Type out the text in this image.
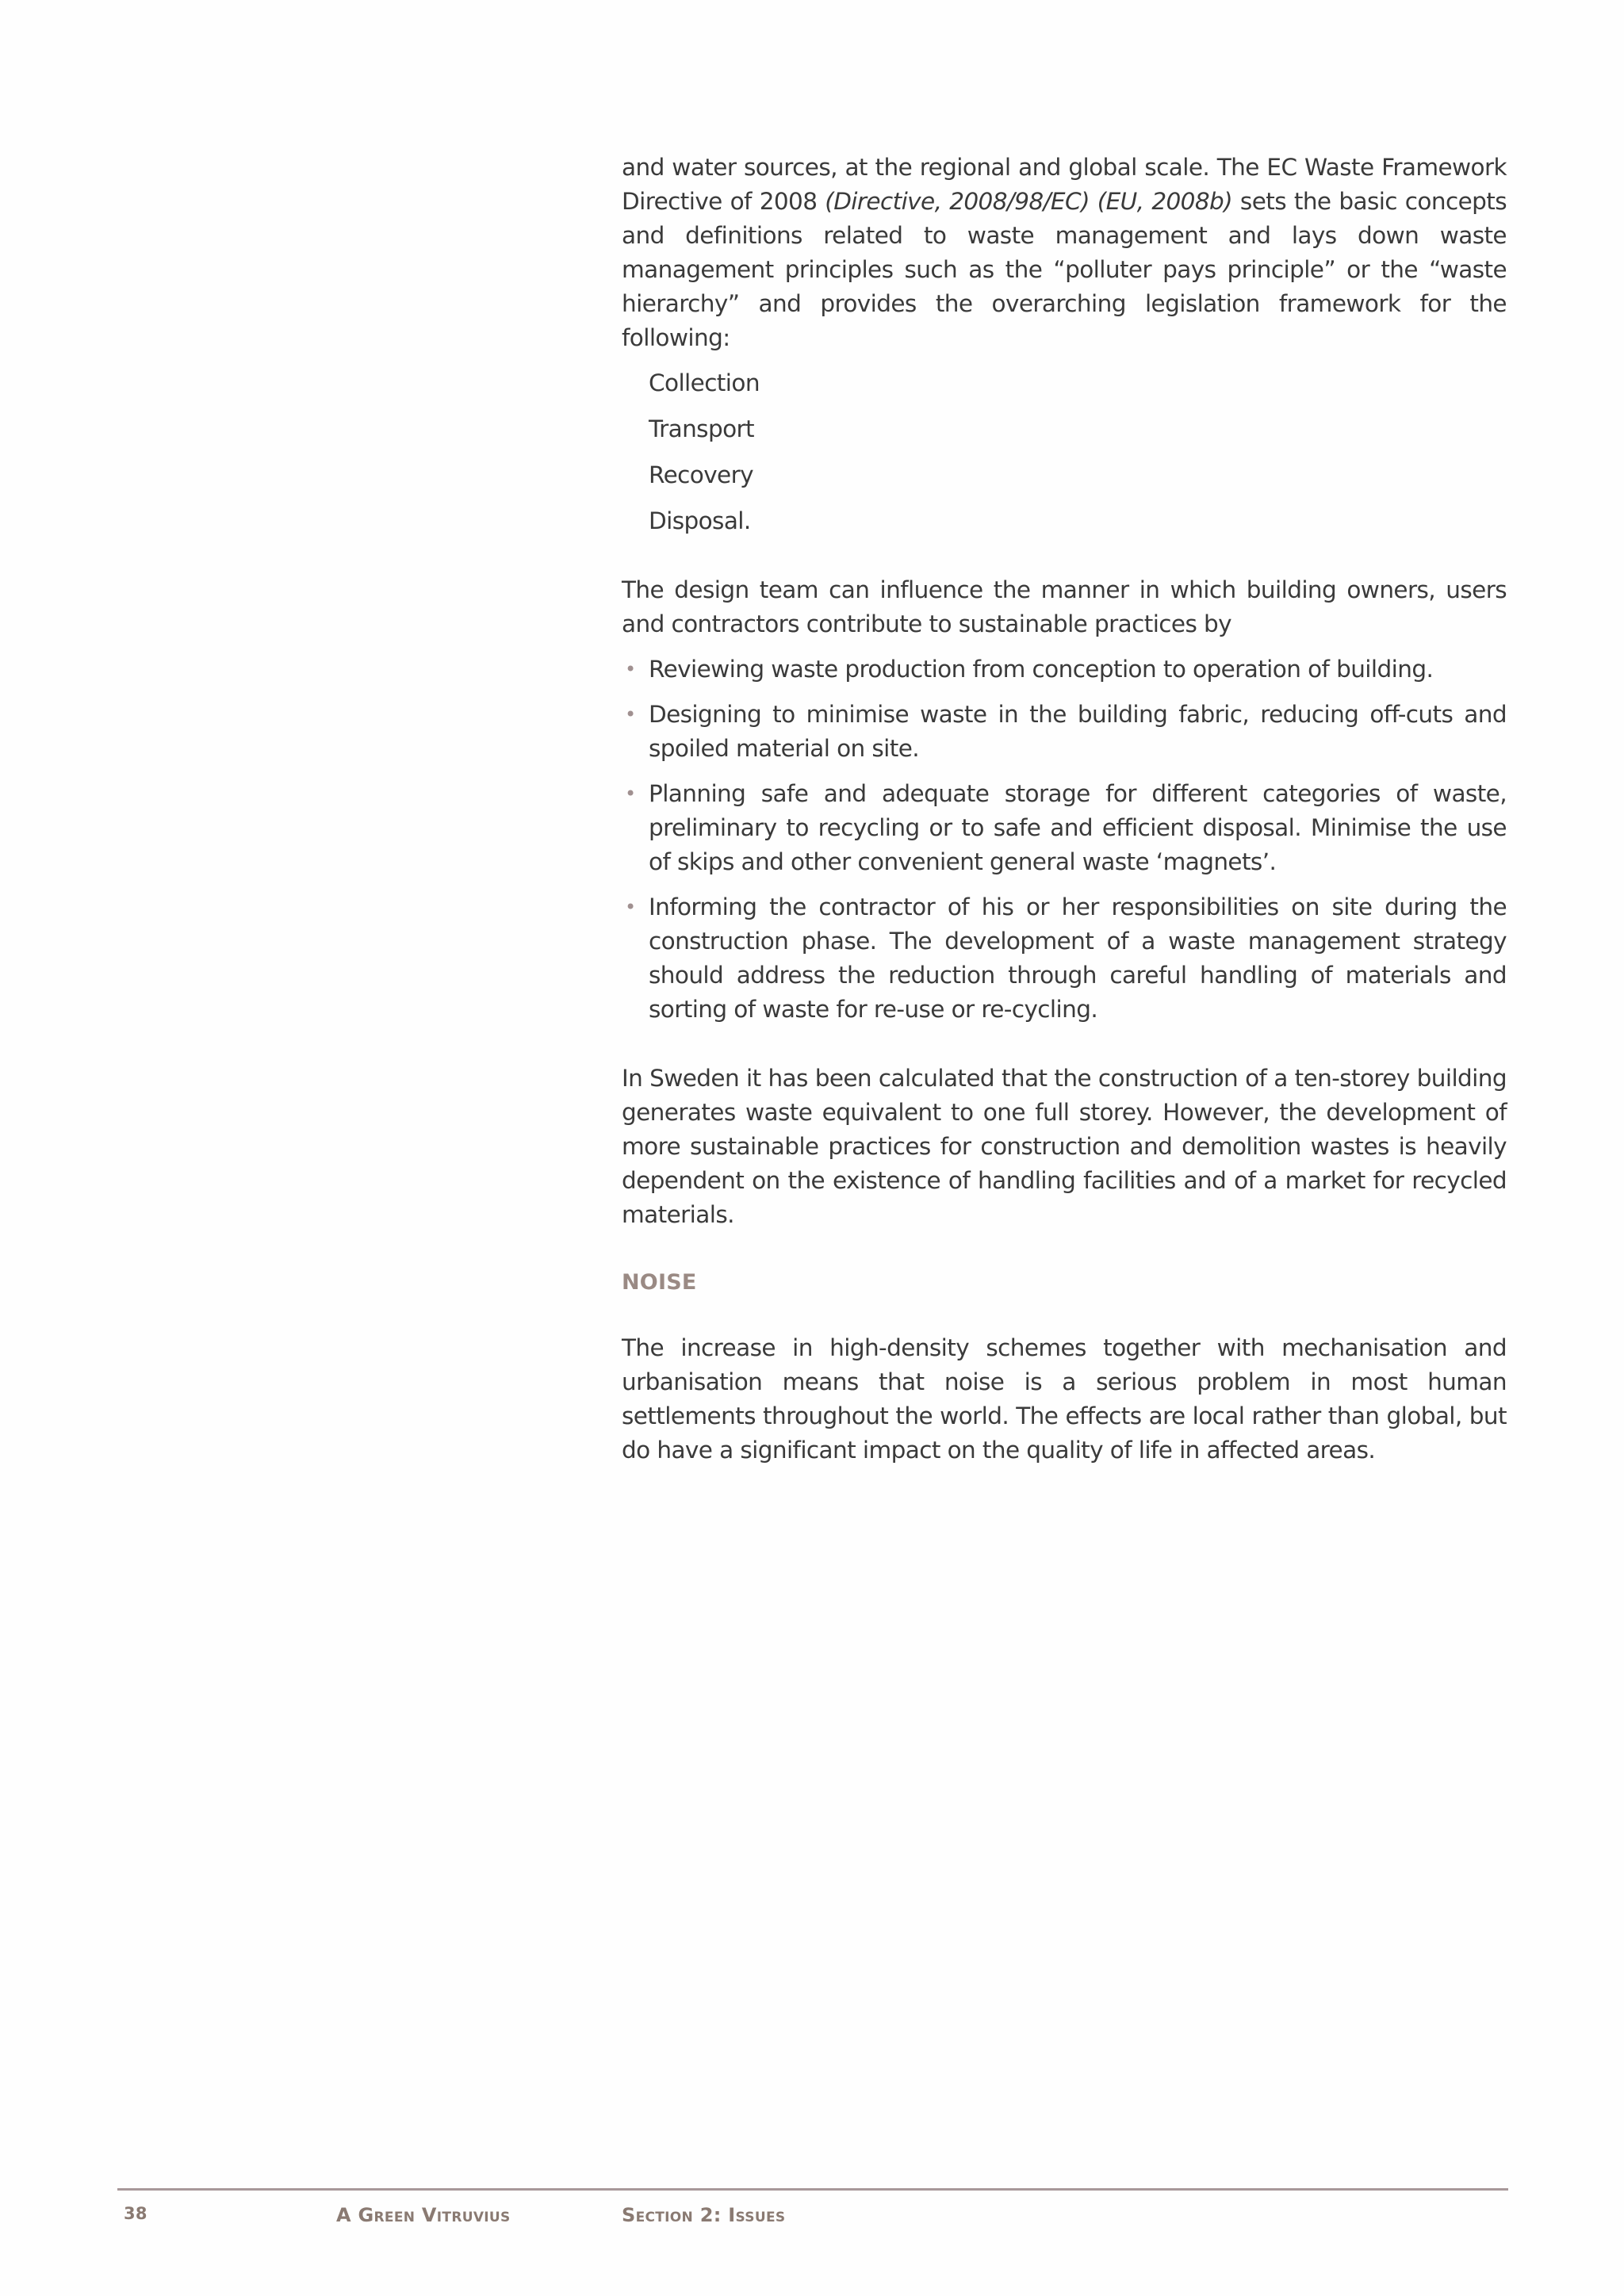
and water sources, at the regional and global scale. The EC Waste Framework Directive of 2008 (Directive, 2008/98/EC) (EU, 2008b) sets the basic concepts and definitions related to waste management and lays down waste management principles such as the “polluter pays principle” or the “waste hierarchy” and provides the overarching legislation framework for the following:

Collection
Transport
Recovery
Disposal.

The design team can influence the manner in which building owners, users and contractors contribute to sustainable practices by

• Reviewing waste production from conception to operation of building.
• Designing to minimise waste in the building fabric, reducing off-cuts and spoiled material on site.
• Planning safe and adequate storage for different categories of waste, preliminary to recycling or to safe and efficient disposal. Minimise the use of skips and other convenient general waste ‘magnets’.
• Informing the contractor of his or her responsibilities on site during the construction phase. The development of a waste management strategy should address the reduction through careful handling of materials and sorting of waste for re-use or re-cycling.

In Sweden it has been calculated that the construction of a ten-storey building generates waste equivalent to one full storey. However, the development of more sustainable practices for construction and demolition wastes is heavily dependent on the existence of handling facilities and of a market for recycled materials.

NOISE

The increase in high-density schemes together with mechanisation and urbanisation means that noise is a serious problem in most human settlements throughout the world. The effects are local rather than global, but do have a significant impact on the quality of life in affected areas.

38	A Green Vitruvius	Section 2: Issues
